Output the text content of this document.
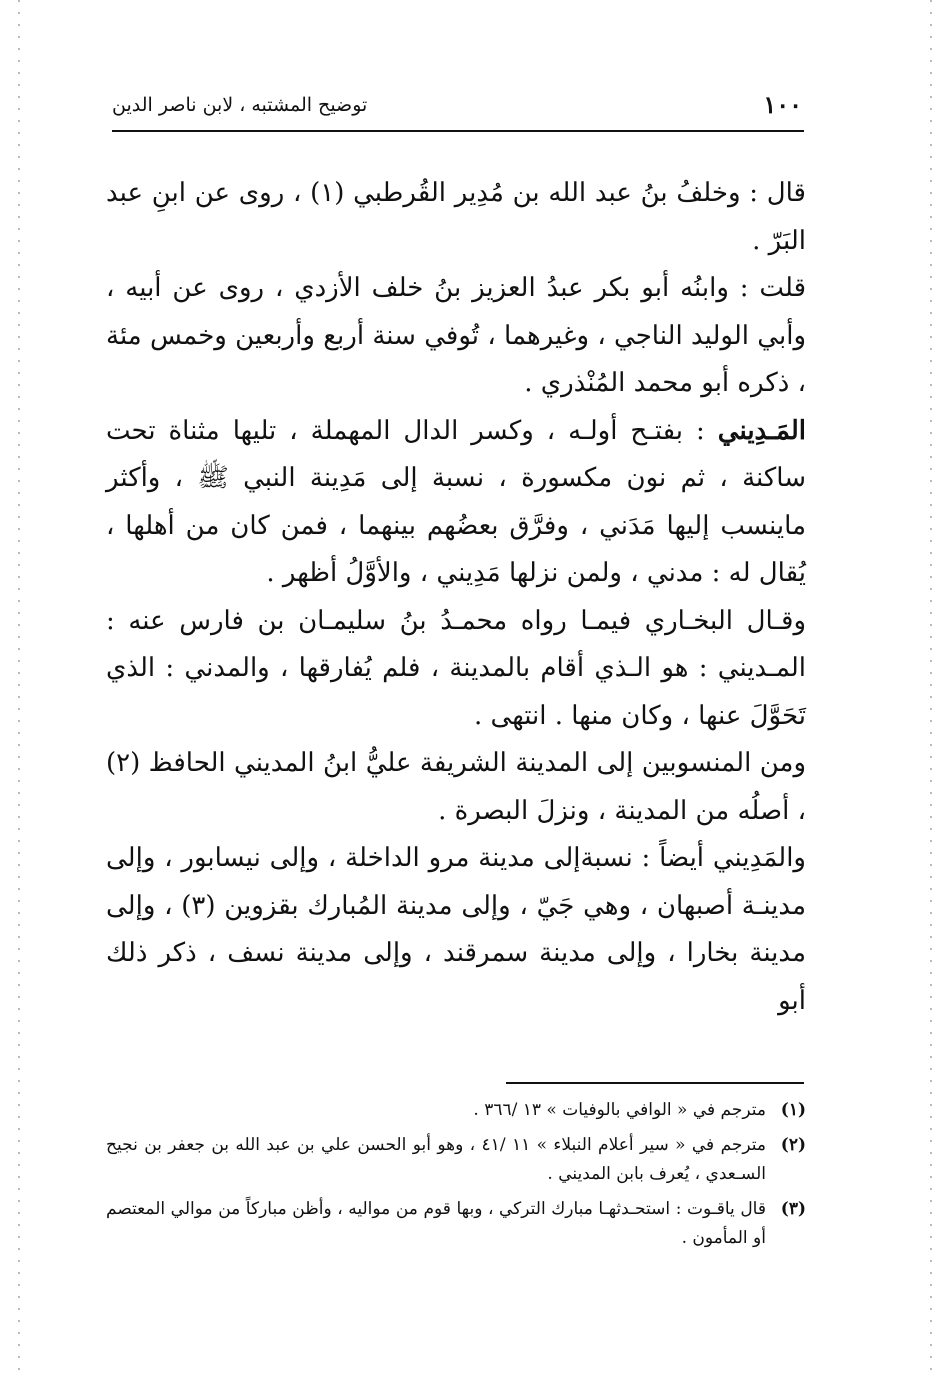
١٠٠
توضيح المشتبه ، لابن ناصر الدين

قال : وخلفُ بنُ عبد الله بن مُدِير القُرطبي (١) ، روى عن ابنِ عبد البَرّ .

قلت : وابنُه أبو بكر عبدُ العزيز بنُ خلف الأزدي ، روى عن أبيه ، وأبي الوليد الناجي ، وغيرهما ، تُوفي سنة أربع وأربعين وخمس مئة ، ذكره أبو محمد المُنْذري .

المَـدِيني : بفتـح أولـه ، وكسر الدال المهملة ، تليها مثناة تحت ساكنة ، ثم نون مكسورة ، نسبة إلى مَدِينة النبي ﷺ ، وأكثر ماينسب إليها مَدَني ، وفرَّق بعضُهم بينهما ، فمن كان من أهلها ، يُقال له : مدني ، ولمن نزلها مَدِيني ، والأوَّلُ أظهر .

وقـال البخـاري فيمـا رواه محمـدُ بنُ سليمـان بن فارس عنه : المـديني : هو الـذي أقام بالمدينة ، فلم يُفارقها ، والمدني : الذي تَحَوَّلَ عنها ، وكان منها . انتهى .

ومن المنسوبين إلى المدينة الشريفة عليُّ ابنُ المديني الحافظ (٢) ، أصلُه من المدينة ، ونزلَ البصرة .

والمَدِيني أيضاً : نسبةإلى مدينة مرو الداخلة ، وإلى نيسابور ، وإلى مدينـة أصبهان ، وهي جَيّ ، وإلى مدينة المُبارك بقزوين (٣) ، وإلى مدينة بخارا ، وإلى مدينة سمرقند ، وإلى مدينة نسف ، ذكر ذلك أبو

(١)
مترجم في « الوافي بالوفيات » ١٣ /٣٦٦ .
(٢)
مترجم في « سير أعلام النبلاء » ١١ /٤١ ، وهو أبو الحسن علي بن عبد الله بن جعفر بن نجيح السـعدي ، يُعرف بابن المديني .
(٣)
قال ياقـوت : استحـدثهـا مبارك التركي ، وبها قوم من مواليه ، وأظن مباركاً من موالي المعتصم أو المأمون .
